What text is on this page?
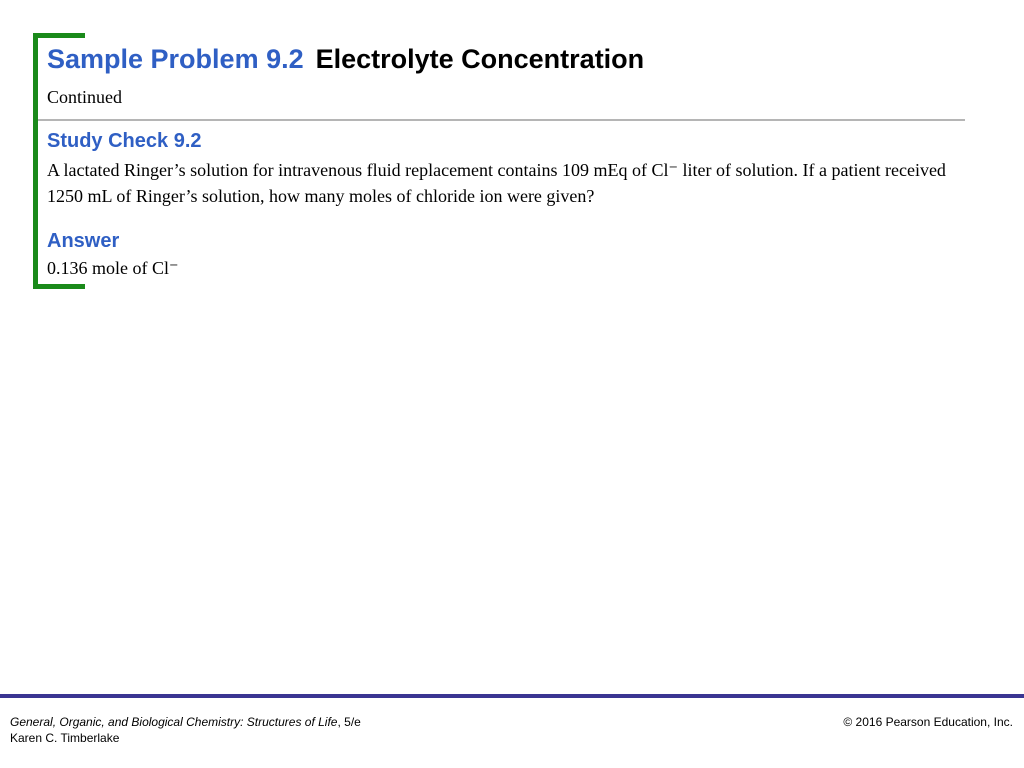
Sample Problem 9.2 Electrolyte Concentration
Continued
Study Check 9.2
A lactated Ringer’s solution for intravenous fluid replacement contains 109 mEq of Cl⁻ liter of solution. If a patient received 1250 mL of Ringer’s solution, how many moles of chloride ion were given?
Answer
0.136 mole of Cl⁻
General, Organic, and Biological Chemistry: Structures of Life, 5/e
Karen C. Timberlake
© 2016 Pearson Education, Inc.
